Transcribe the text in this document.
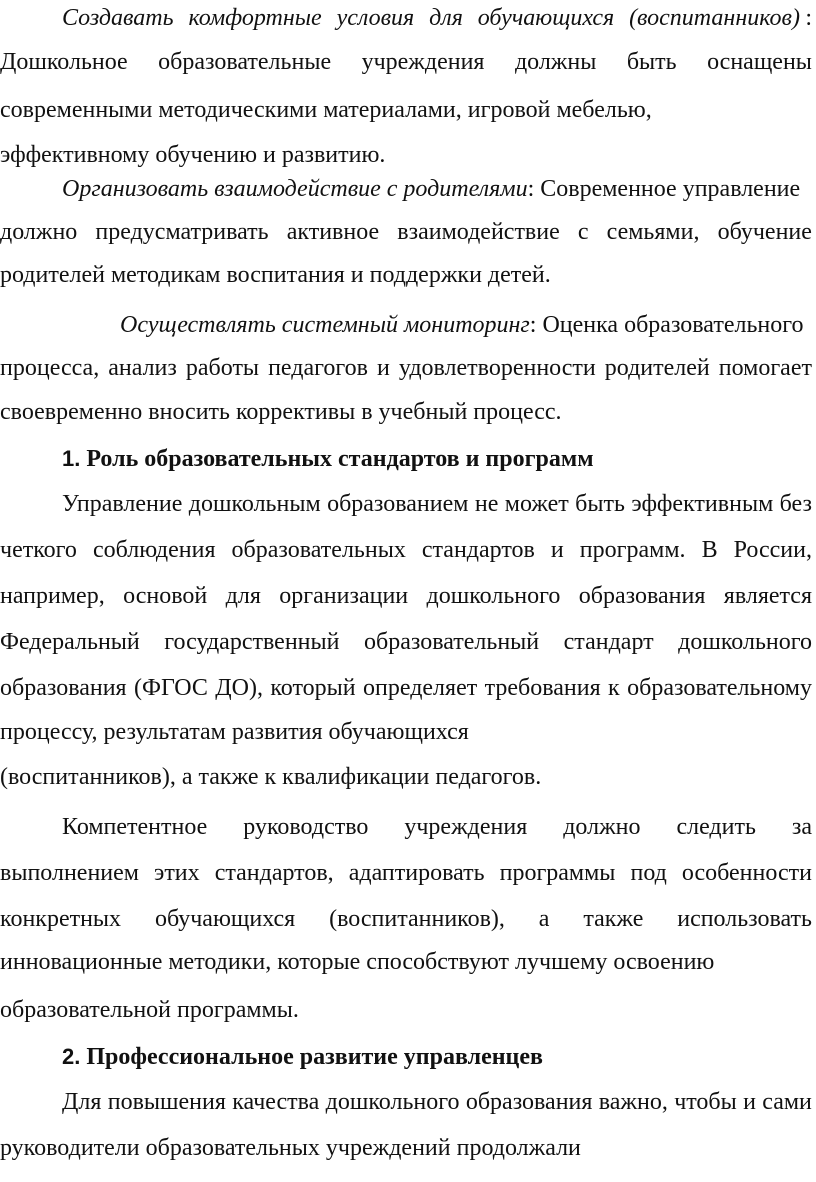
Создавать комфортные условия для обучающихся (воспитанников) :
Дошкольное образовательные учреждения должны быть оснащены
современными методическими материалами, игровой мебелью,
эффективному обучению и развитию.
Организовать взаимодействие с родителями: Современное управление
должно предусматривать активное взаимодействие с семьями, обучение
родителей методикам воспитания и поддержки детей.
Осуществлять системный мониторинг: Оценка образовательного
процесса, анализ работы педагогов и удовлетворенности родителей помогает
своевременно вносить коррективы в учебный процесс.
1. Роль образовательных стандартов и программ
Управление дошкольным образованием не может быть эффективным без
четкого соблюдения образовательных стандартов и программ. В России,
например, основой для организации дошкольного образования является
Федеральный государственный образовательный стандарт дошкольного
образования (ФГОС ДО), который определяет требования к образовательному
процессу, результатам развития обучающихся
(воспитанников), а также к квалификации педагогов.
Компетентное руководство учреждения должно следить за
выполнением этих стандартов, адаптировать программы под особенности
конкретных обучающихся (воспитанников), а также использовать
инновационные методики, которые способствуют лучшему освоению
образовательной программы.
2. Профессиональное развитие управленцев
Для повышения качества дошкольного образования важно, чтобы и сами
руководители образовательных учреждений продолжали
